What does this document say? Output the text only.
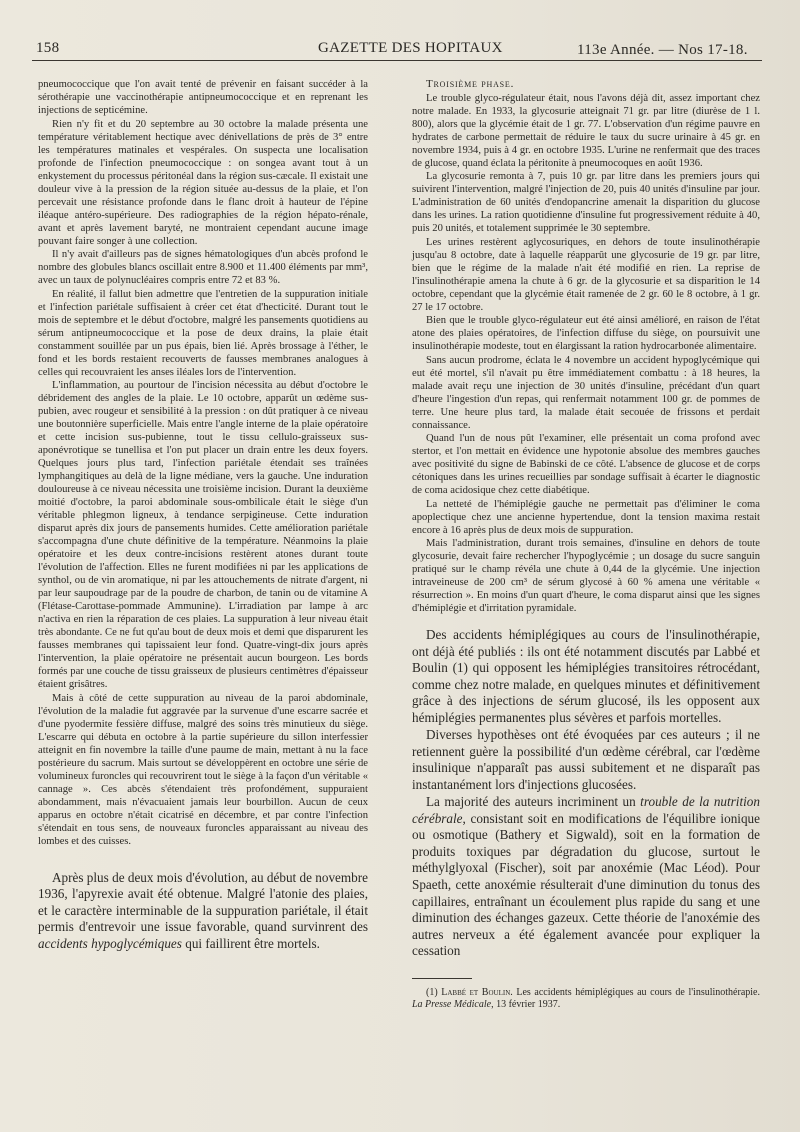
158	GAZETTE DES HOPITAUX	113e Année. — Nos 17-18.

pneumococcique que l'on avait tenté de prévenir en faisant succéder à la sérothérapie une vaccinothérapie antipneumococcique et en reprenant les injections de septicémine.

Rien n'y fit et du 20 septembre au 30 octobre la malade présenta une température véritablement hectique avec dénivellations de près de 3° entre les températures matinales et vespérales. On suspecta une localisation profonde de l'infection pneumococcique : on songea avant tout à un enkystement du processus péritonéal dans la région sus-cæcale. Il existait une douleur vive à la pression de la région située au-dessus de la plaie, et l'on percevait une résistance profonde dans le flanc droit à hauteur de l'épine iléaque antéro-supérieure. Des radiographies de la région hépato-rénale, avant et après lavement baryté, ne montraient cependant aucune image pouvant faire songer à une collection.

Il n'y avait d'ailleurs pas de signes hématologiques d'un abcès profond le nombre des globules blancs oscillait entre 8.900 et 11.400 éléments par mm³, avec un taux de polynucléaires compris entre 72 et 83 %.

En réalité, il fallut bien admettre que l'entretien de la suppuration initiale et l'infection pariétale suffisaient à créer cet état d'hecticité. Durant tout le mois de septembre et le début d'octobre, malgré les pansements quotidiens au sérum antipneumococcique et la pose de deux drains, la plaie était constamment souillée par un pus épais, bien lié. Après brossage à l'éther, le fond et les bords restaient recouverts de fausses membranes analogues à celles qui recouvraient les anses iléales lors de l'intervention.

L'inflammation, au pourtour de l'incision nécessita au début d'octobre le débridement des angles de la plaie. Le 10 octobre, apparût un œdème sus-pubien, avec rougeur et sensibilité à la pression : on dût pratiquer à ce niveau une boutonnière superficielle. Mais entre l'angle interne de la plaie opératoire et cette incision sus-pubienne, tout le tissu cellulo-graisseux sus-aponévrotique se tunellisa et l'on put placer un drain entre les deux foyers. Quelques jours plus tard, l'infection pariétale étendait ses traînées lymphangitiques au delà de la ligne médiane, vers la gauche. Une induration douloureuse à ce niveau nécessita une troisième incision. Durant la deuxième moitié d'octobre, la paroi abdominale sous-ombilicale était le siège d'un véritable phlegmon ligneux, à tendance serpigineuse. Cette induration disparut après dix jours de pansements humides. Cette amélioration pariétale s'accompagna d'une chute définitive de la température. Néanmoins la plaie opératoire et les deux contre-incisions restèrent atones durant toute l'évolution de l'affection. Elles ne furent modifiées ni par les applications de synthol, ou de vin aromatique, ni par les attouchements de nitrate d'argent, ni par leur saupoudrage par de la poudre de charbon, de tanin ou de vitamine A (Flétase-Carottase-pommade Ammunine). L'irradiation par lampe à arc n'activa en rien la réparation de ces plaies. La suppuration à leur niveau était très abondante. Ce ne fut qu'au bout de deux mois et demi que disparurent les fausses membranes qui tapissaient leur fond. Quatre-vingt-dix jours après l'intervention, la plaie opératoire ne présentait aucun bourgeon. Les bords formés par une couche de tissu graisseux de plusieurs centimètres d'épaisseur étaient grisâtres.

Mais à côté de cette suppuration au niveau de la paroi abdominale, l'évolution de la maladie fut aggravée par la survenue d'une escarre sacrée et d'une pyodermite fessière diffuse, malgré des soins très minutieux du siège. L'escarre qui débuta en octobre à la partie supérieure du sillon interfessier atteignit en fin novembre la taille d'une paume de main, mettant à nu la face postérieure du sacrum. Mais surtout se développèrent en octobre une série de volumineux furoncles qui recouvrirent tout le siège à la façon d'un véritable « cannage ». Ces abcès s'étendaient très profondément, suppuraient abondamment, mais n'évacuaient jamais leur bourbillon. Aucun de ceux apparus en octobre n'était cicatrisé en décembre, et par contre l'infection s'étendait en tous sens, de nouveaux furoncles apparaissant au niveau des lombes et des cuisses.

Après plus de deux mois d'évolution, au début de novembre 1936, l'apyrexie avait été obtenue. Malgré l'atonie des plaies, et le caractère interminable de la suppuration pariétale, il était permis d'entrevoir une issue favorable, quand survinrent des accidents hypoglycémiques qui faillirent être mortels.

Troisième phase.

Le trouble glyco-régulateur était, nous l'avons déjà dit, assez important chez notre malade. En 1933, la glycosurie atteignait 71 gr. par litre (diurèse de 1 l. 800), alors que la glycémie était de 1 gr. 77. L'observation d'un régime pauvre en hydrates de carbone permettait de réduire le taux du sucre urinaire à 45 gr. en novembre 1934, puis à 4 gr. en octobre 1935. L'urine ne renfermait que des traces de glucose, quand éclata la péritonite à pneumocoques en août 1936.

La glycosurie remonta à 7, puis 10 gr. par litre dans les premiers jours qui suivirent l'intervention, malgré l'injection de 20, puis 40 unités d'insuline par jour. L'administration de 60 unités d'endopancrine amenait la disparition du glucose dans les urines. La ration quotidienne d'insuline fut progressivement réduite à 40, puis 20 unités, et totalement supprimée le 30 septembre.

Les urines restèrent aglycosuriques, en dehors de toute insulinothérapie jusqu'au 8 octobre, date à laquelle réapparût une glycosurie de 19 gr. par litre, bien que le régime de la malade n'ait été modifié en rien. La reprise de l'insulinothérapie amena la chute à 6 gr. de la glycosurie et sa disparition le 14 octobre, cependant que la glycémie était ramenée de 2 gr. 60 le 8 octobre, à 1 gr. 27 le 17 octobre.

Bien que le trouble glyco-régulateur eut été ainsi amélioré, en raison de l'état atone des plaies opératoires, de l'infection diffuse du siège, on poursuivit une insulinothérapie modeste, tout en élargissant la ration hydrocarbonée alimentaire.

Sans aucun prodrome, éclata le 4 novembre un accident hypoglycémique qui eut été mortel, s'il n'avait pu être immédiatement combattu : à 18 heures, la malade avait reçu une injection de 30 unités d'insuline, précédant d'un quart d'heure l'ingestion d'un repas, qui renfermait notamment 100 gr. de pommes de terre. Une heure plus tard, la malade était secouée de frissons et perdait connaissance.

Quand l'un de nous pût l'examiner, elle présentait un coma profond avec stertor, et l'on mettait en évidence une hypotonie absolue des membres gauches avec positivité du signe de Babinski de ce côté. L'absence de glucose et de corps cétoniques dans les urines recueillies par sondage suffisait à écarter le diagnostic de coma acidosique chez cette diabétique.

La netteté de l'hémiplégie gauche ne permettait pas d'éliminer le coma apoplectique chez une ancienne hypertendue, dont la tension maxima restait encore à 16 après plus de deux mois de suppuration.

Mais l'administration, durant trois semaines, d'insuline en dehors de toute glycosurie, devait faire rechercher l'hypoglycémie ; un dosage du sucre sanguin pratiqué sur le champ révéla une chute à 0,44 de la glycémie. Une injection intraveineuse de 200 cm³ de sérum glycosé à 60 % amena une véritable « résurrection ». En moins d'un quart d'heure, le coma disparut ainsi que les signes d'hémiplégie et d'irritation pyramidale.

Des accidents hémiplégiques au cours de l'insulinothérapie, ont déjà été publiés : ils ont été notamment discutés par Labbé et Boulin (1) qui opposent les hémiplégies transitoires rétrocédant, comme chez notre malade, en quelques minutes et définitivement grâce à des injections de sérum glucosé, ils les opposent aux hémiplégies permanentes plus sévères et parfois mortelles.

Diverses hypothèses ont été évoquées par ces auteurs ; il ne retiennent guère la possibilité d'un œdème cérébral, car l'œdème insulinique n'apparaît pas aussi subitement et ne disparaît pas instantanément lors d'injections glucosées.

La majorité des auteurs incriminent un trouble de la nutrition cérébrale, consistant soit en modifications de l'équilibre ionique ou osmotique (Bathery et Sigwald), soit en la formation de produits toxiques par dégradation du glucose, surtout le méthylglyoxal (Fischer), soit par anoxémie (Mac Léod). Pour Spaeth, cette anoxémie résulterait d'une diminution du tonus des capillaires, entraînant un écoulement plus rapide du sang et une diminution des échanges gazeux. Cette théorie de l'anoxémie des autres nerveux a été également avancée pour expliquer la cessation

(1) Labbé et Boulin. Les accidents hémiplégiques au cours de l'insulinothérapie. La Presse Médicale, 13 février 1937.
